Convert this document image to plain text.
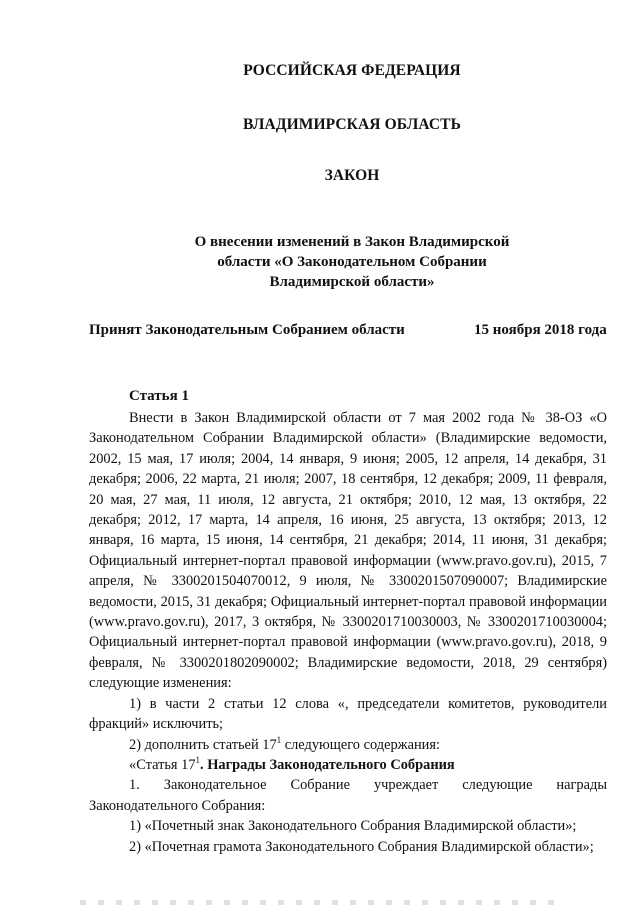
РОССИЙСКАЯ ФЕДЕРАЦИЯ
ВЛАДИМИРСКАЯ ОБЛАСТЬ
ЗАКОН
О внесении изменений в Закон Владимирской
области «О Законодательном Собрании
Владимирской области»
Принят Законодательным Собранием области	15 ноября 2018 года
Статья 1

Внести в Закон Владимирской области от 7 мая 2002 года № 38-ОЗ «О Законодательном Собрании Владимирской области» (Владимирские ведомости, 2002, 15 мая, 17 июля; 2004, 14 января, 9 июня; 2005, 12 апреля, 14 декабря, 31 декабря; 2006, 22 марта, 21 июля; 2007, 18 сентября, 12 декабря; 2009, 11 февраля, 20 мая, 27 мая, 11 июля, 12 августа, 21 октября; 2010, 12 мая, 13 октября, 22 декабря; 2012, 17 марта, 14 апреля, 16 июня, 25 августа, 13 октября; 2013, 12 января, 16 марта, 15 июня, 14 сентября, 21 декабря; 2014, 11 июня, 31 декабря; Официальный интернет-портал правовой информации (www.pravo.gov.ru), 2015, 7 апреля, № 3300201504070012, 9 июля, № 3300201507090007; Владимирские ведомости, 2015, 31 декабря; Официальный интернет-портал правовой информации (www.pravo.gov.ru), 2017, 3 октября, № 3300201710030003, № 3300201710030004; Официальный интернет-портал правовой информации (www.pravo.gov.ru), 2018, 9 февраля, № 3300201802090002; Владимирские ведомости, 2018, 29 сентября) следующие изменения:

1) в части 2 статьи 12 слова «, председатели комитетов, руководители фракций» исключить;

2) дополнить статьей $17^1$ следующего содержания:

«Статья $17^1$. Награды Законодательного Собрания

1. Законодательное Собрание учреждает следующие награды Законодательного Собрания:

1) «Почетный знак Законодательного Собрания Владимирской области»;

2) «Почетная грамота Законодательного Собрания Владимирской области»;
